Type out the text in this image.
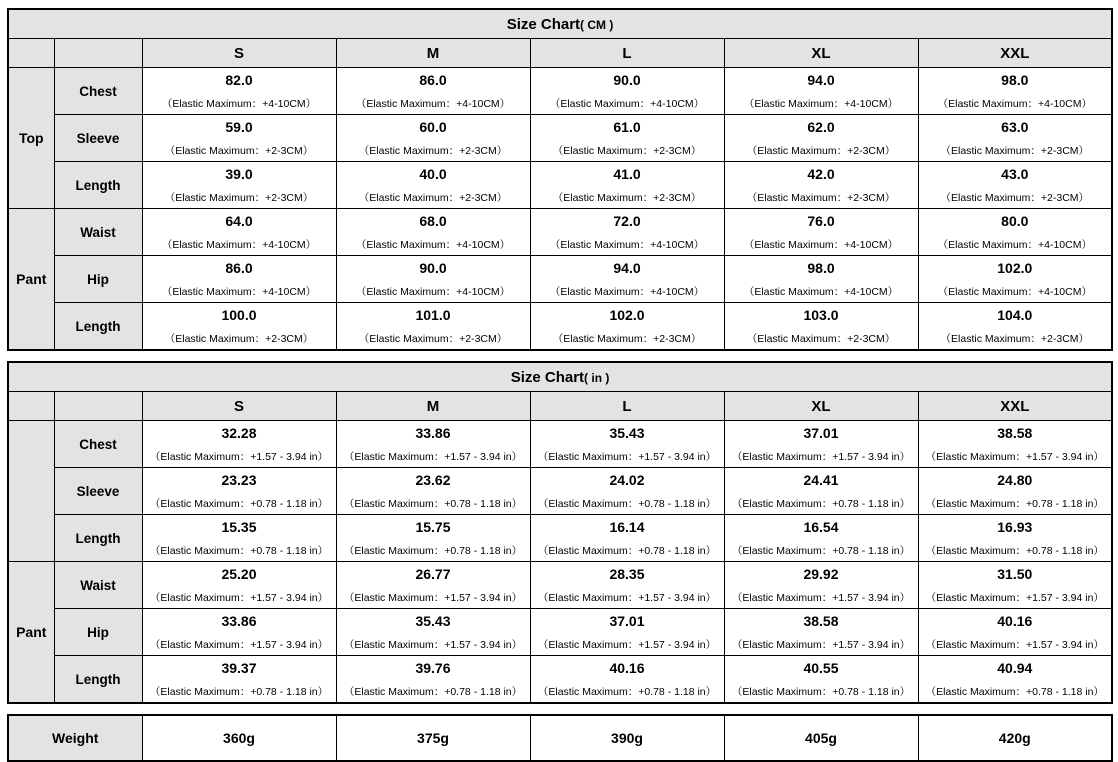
Size Chart( CM )						
		S	M	L	XL	XXL
Top	Chest	82.0	86.0	90.0	94.0	98.0
		（Elastic Maximum：+4-10CM）	（Elastic Maximum：+4-10CM）	（Elastic Maximum：+4-10CM）	（Elastic Maximum：+4-10CM）	（Elastic Maximum：+4-10CM）
	Sleeve	59.0	60.0	61.0	62.0	63.0
		（Elastic Maximum：+2-3CM）	（Elastic Maximum：+2-3CM）	（Elastic Maximum：+2-3CM）	（Elastic Maximum：+2-3CM）	（Elastic Maximum：+2-3CM）
	Length	39.0	40.0	41.0	42.0	43.0
		（Elastic Maximum：+2-3CM）	（Elastic Maximum：+2-3CM）	（Elastic Maximum：+2-3CM）	（Elastic Maximum：+2-3CM）	（Elastic Maximum：+2-3CM）
Pant	Waist	64.0	68.0	72.0	76.0	80.0
		（Elastic Maximum：+4-10CM）	（Elastic Maximum：+4-10CM）	（Elastic Maximum：+4-10CM）	（Elastic Maximum：+4-10CM）	（Elastic Maximum：+4-10CM）
	Hip	86.0	90.0	94.0	98.0	102.0
		（Elastic Maximum：+4-10CM）	（Elastic Maximum：+4-10CM）	（Elastic Maximum：+4-10CM）	（Elastic Maximum：+4-10CM）	（Elastic Maximum：+4-10CM）
	Length	100.0	101.0	102.0	103.0	104.0
		（Elastic Maximum：+2-3CM）	（Elastic Maximum：+2-3CM）	（Elastic Maximum：+2-3CM）	（Elastic Maximum：+2-3CM）	（Elastic Maximum：+2-3CM）
Size Chart( in )						
		S	M	L	XL	XXL
	Chest	32.28	33.86	35.43	37.01	38.58
		（Elastic Maximum：+1.57 - 3.94 in）	（Elastic Maximum：+1.57 - 3.94 in）	（Elastic Maximum：+1.57 - 3.94 in）	（Elastic Maximum：+1.57 - 3.94 in）	（Elastic Maximum：+1.57 - 3.94 in）
	Sleeve	23.23	23.62	24.02	24.41	24.80
		（Elastic Maximum：+0.78 - 1.18 in）	（Elastic Maximum：+0.78 - 1.18 in）	（Elastic Maximum：+0.78 - 1.18 in）	（Elastic Maximum：+0.78 - 1.18 in）	（Elastic Maximum：+0.78 - 1.18 in）
	Length	15.35	15.75	16.14	16.54	16.93
		（Elastic Maximum：+0.78 - 1.18 in）	（Elastic Maximum：+0.78 - 1.18 in）	（Elastic Maximum：+0.78 - 1.18 in）	（Elastic Maximum：+0.78 - 1.18 in）	（Elastic Maximum：+0.78 - 1.18 in）
Pant	Waist	25.20	26.77	28.35	29.92	31.50
		（Elastic Maximum：+1.57 - 3.94 in）	（Elastic Maximum：+1.57 - 3.94 in）	（Elastic Maximum：+1.57 - 3.94 in）	（Elastic Maximum：+1.57 - 3.94 in）	（Elastic Maximum：+1.57 - 3.94 in）
	Hip	33.86	35.43	37.01	38.58	40.16
		（Elastic Maximum：+1.57 - 3.94 in）	（Elastic Maximum：+1.57 - 3.94 in）	（Elastic Maximum：+1.57 - 3.94 in）	（Elastic Maximum：+1.57 - 3.94 in）	（Elastic Maximum：+1.57 - 3.94 in）
	Length	39.37	39.76	40.16	40.55	40.94
		（Elastic Maximum：+0.78 - 1.18 in）	（Elastic Maximum：+0.78 - 1.18 in）	（Elastic Maximum：+0.78 - 1.18 in）	（Elastic Maximum：+0.78 - 1.18 in）	（Elastic Maximum：+0.78 - 1.18 in）
Weight	360g	375g	390g	405g	420g
